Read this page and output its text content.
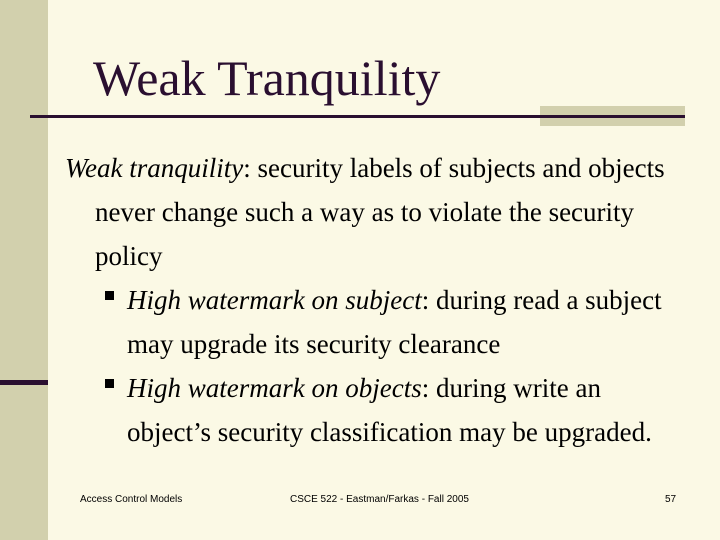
Weak Tranquility

Weak tranquility: security labels of subjects and objects never change such a way as to violate the security policy

High watermark on subject: during read a subject may upgrade its security clearance

High watermark on objects: during write an object’s security classification may be upgraded.

Access Control Models	CSCE 522 - Eastman/Farkas - Fall 2005	57
